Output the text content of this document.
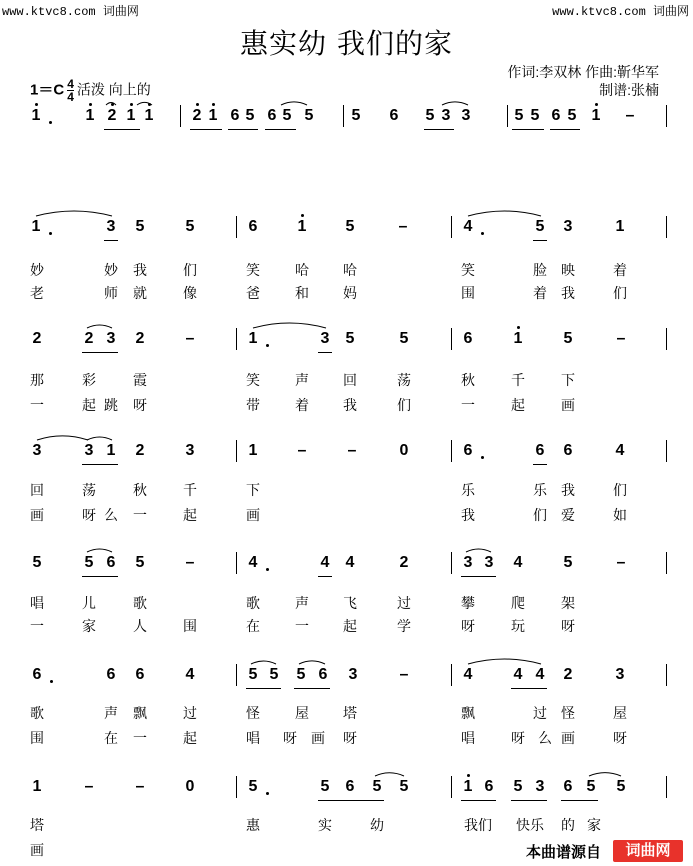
www.ktvc8.com 词曲网	www.ktvc8.com 词曲网
惠实幼 我们的家
作词:李双林 作曲:靳华军
制谱:张楠
$1=C \frac{4}{4}$ 活泼 向上的
1	1 2 1 1 2 1 6 5 6 5 5 5 6 5 3 3	5 5 6 5 1 –
1	3 5	5	6	1 5	–	4	5 3	1
2	2 3 2	–	1	3 5	5	6	1	5	–
3	3 1 2	3	1	–	–	0	6	6 6	4
5	5 6 5	–	4	4 4	2	3 3 4	5	–
6	6 6	4	5 5 5 6 3	–	4	4 4 2	3
1	–	–	0	5	5 6 5 5	1 6 5 3 6 5 5
妙	妙 我	们	笑	哈 哈	笑	脸 映	着
老	师 就	像	爸	和 妈	围	着 我	们
那	彩	霞	笑	声 回	荡	秋	千	下
一	起 跳 呀	带	着 我	们	一	起	画
回	荡	秋	千	下	乐	乐 我	们
画	呀 么 一	起	画	我	们 爱	如
唱	儿	歌	歌	声 飞	过	攀	爬	架
一	家	人	围	在	一 起	学	呀	玩	呀
歌	声 飘	过	怪	屋 塔	飘	过 怪	屋
围	在 一	起	唱 呀 画 呀	唱	呀 么 画	呀
塔	惠	实	幼	我们 快乐 的 家
画	本曲谱源自	词曲网
